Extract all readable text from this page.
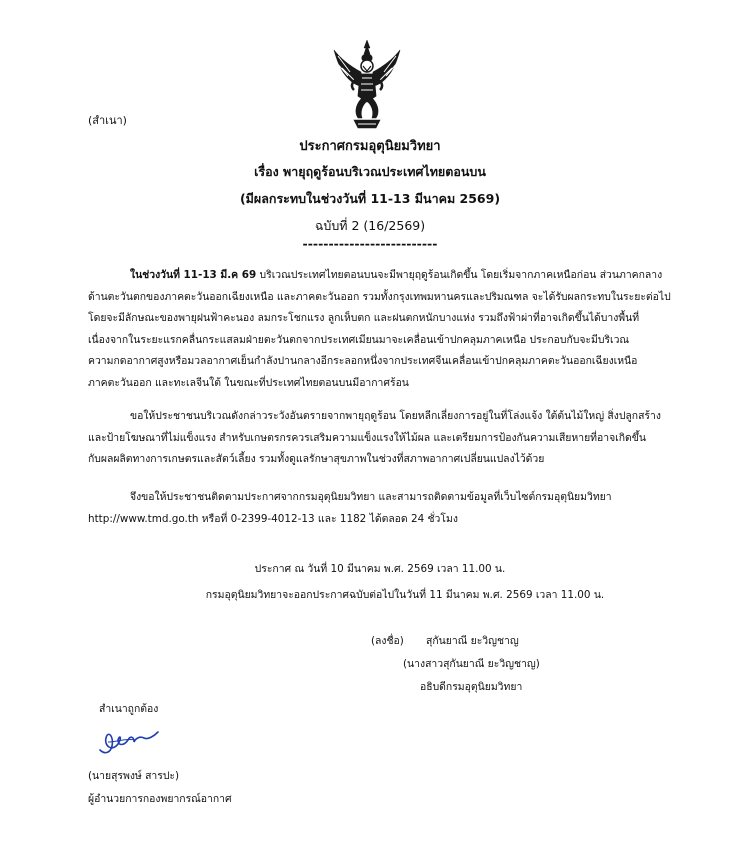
(สำเนา)
ประกาศกรมอุตุนิยมวิทยา
เรื่อง พายุฤดูร้อนบริเวณประเทศไทยตอนบน
(มีผลกระทบในช่วงวันที่ 11-13 มีนาคม 2569)
ฉบับที่ 2 (16/2569)
--------------------------
ในช่วงวันที่ 11-13 มี.ค 69 บริเวณประเทศไทยตอนบนจะมีพายุฤดูร้อนเกิดขึ้น โดยเริ่มจากภาคเหนือก่อน ส่วนภาคกลาง
ด้านตะวันตกของภาคตะวันออกเฉียงเหนือ และภาคตะวันออก รวมทั้งกรุงเทพมหานครและปริมณฑล จะได้รับผลกระทบในระยะต่อไป
โดยจะมีลักษณะของพายุฝนฟ้าคะนอง ลมกระโชกแรง ลูกเห็บตก และฝนตกหนักบางแห่ง รวมถึงฟ้าผ่าที่อาจเกิดขึ้นได้บางพื้นที่
เนื่องจากในระยะแรกคลื่นกระแสลมฝ่ายตะวันตกจากประเทศเมียนมาจะเคลื่อนเข้าปกคลุมภาคเหนือ ประกอบกับจะมีบริเวณ
ความกดอากาศสูงหรือมวลอากาศเย็นกำลังปานกลางอีกระลอกหนึ่งจากประเทศจีนเคลื่อนเข้าปกคลุมภาคตะวันออกเฉียงเหนือ
ภาคตะวันออก และทะเลจีนใต้ ในขณะที่ประเทศไทยตอนบนมีอากาศร้อน
ขอให้ประชาชนบริเวณดังกล่าวระวังอันตรายจากพายุฤดูร้อน โดยหลีกเลี่ยงการอยู่ในที่โล่งแจ้ง ใต้ต้นไม้ใหญ่ สิ่งปลูกสร้าง
และป้ายโฆษณาที่ไม่แข็งแรง สำหรับเกษตรกรควรเสริมความแข็งแรงให้ไม้ผล และเตรียมการป้องกันความเสียหายที่อาจเกิดขึ้น
กับผลผลิตทางการเกษตรและสัตว์เลี้ยง รวมทั้งดูแลรักษาสุขภาพในช่วงที่สภาพอากาศเปลี่ยนแปลงไว้ด้วย
จึงขอให้ประชาชนติดตามประกาศจากกรมอุตุนิยมวิทยา และสามารถติดตามข้อมูลที่เว็บไซต์กรมอุตุนิยมวิทยา
http://www.tmd.go.th หรือที่ 0-2399-4012-13 และ 1182 ได้ตลอด 24 ชั่วโมง
ประกาศ ณ วันที่ 10 มีนาคม พ.ศ. 2569 เวลา 11.00 น.
กรมอุตุนิยมวิทยาจะออกประกาศฉบับต่อไปในวันที่ 11 มีนาคม พ.ศ. 2569 เวลา 11.00 น.
(ลงชื่อ) สุกันยาณี ยะวิญชาญ
(นางสาวสุกันยาณี ยะวิญชาญ)
อธิบดีกรมอุตุนิยมวิทยา
สำเนาถูกต้อง
(นายสุรพงษ์ สารปะ)
ผู้อำนวยการกองพยากรณ์อากาศ
